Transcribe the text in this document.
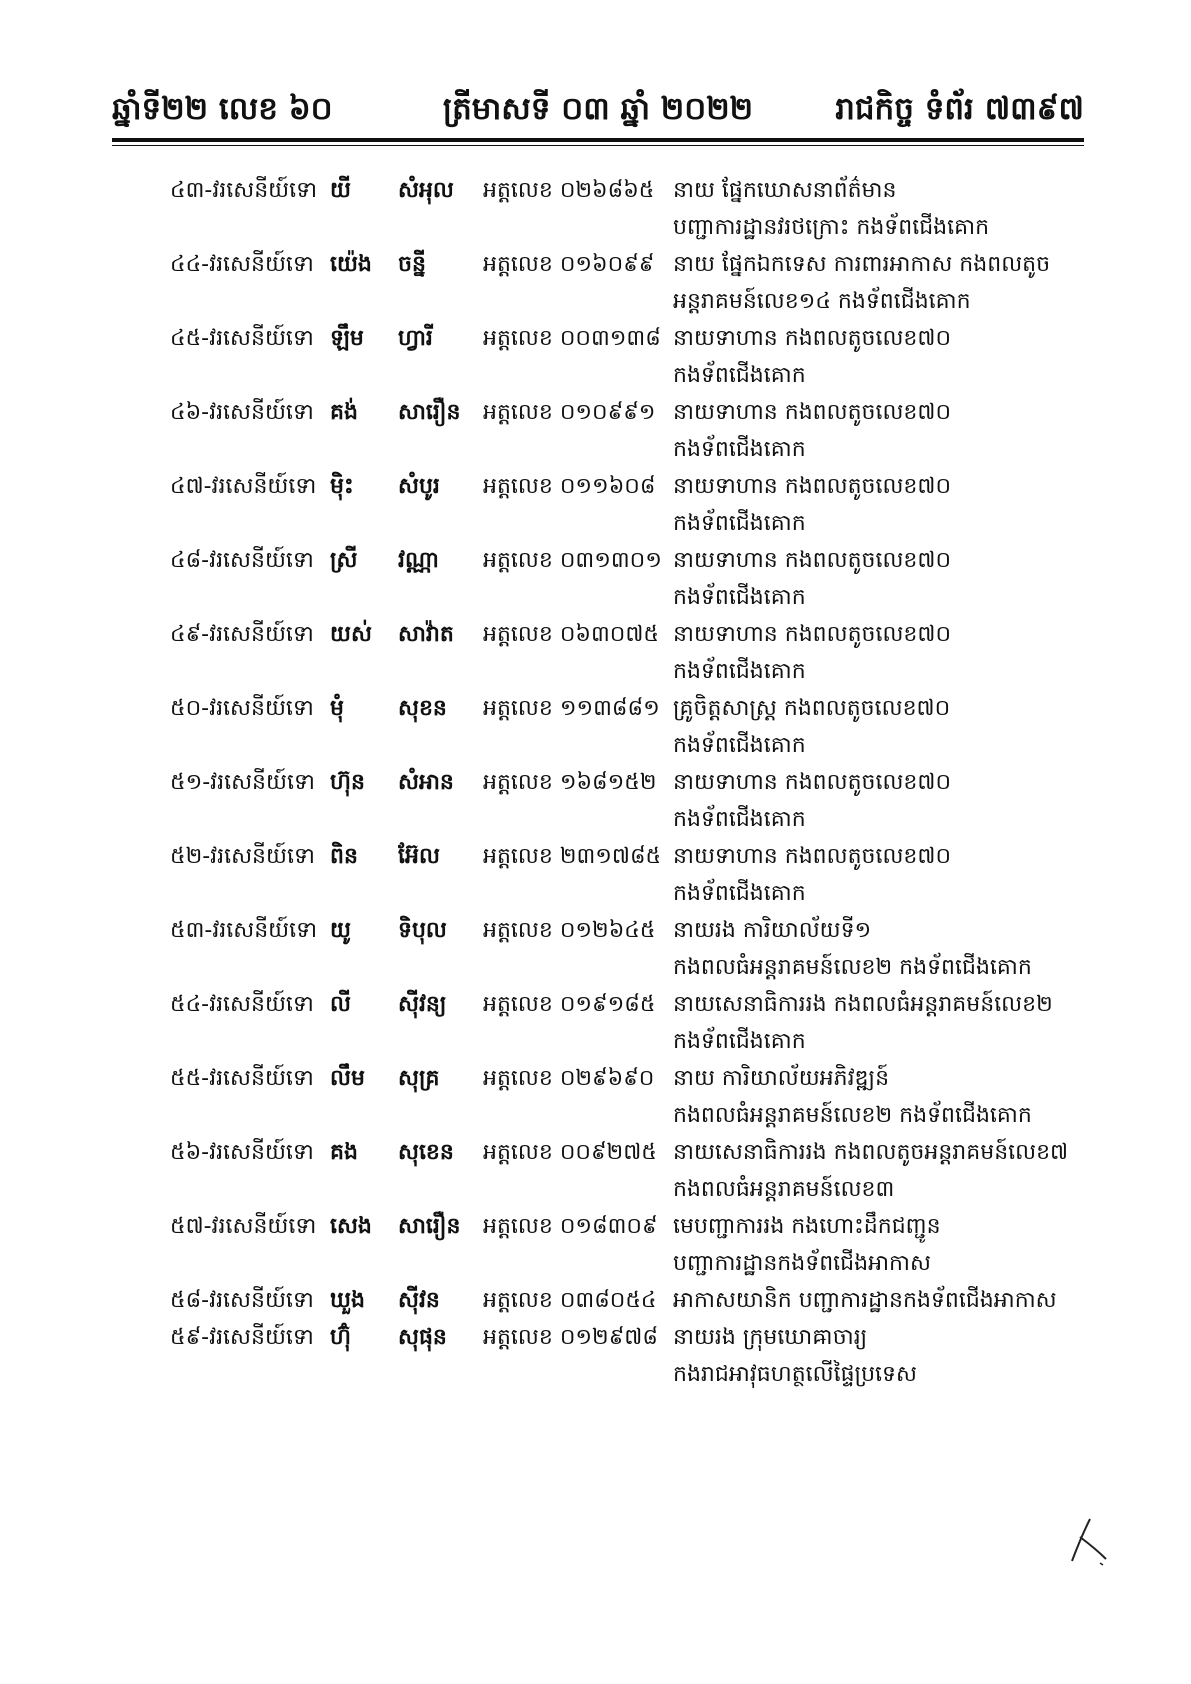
ឆ្នាំទី២២ លេខ ៦០	ត្រីមាសទី ០៣ ឆ្នាំ ២០២២	រាជកិច្ច ទំព័រ ៧៣៩៧
៤៣-វរសេនីយ៍ទោ យី	សំអុល	អត្តលេខ ០២៦៨៦៥ នាយ ផ្នែកឃោសនាព័ត៌មាន
បញ្ជាការដ្ឋានវរថក្រោះ កងទ័ពជើងគោក
៤៤-វរសេនីយ៍ទោ យ៉េង	ចន្នី	អត្តលេខ ០១៦០៩៩ នាយ ផ្នែកឯកទេស ការពារអាកាស កងពលតូច
អន្តរាគមន៍លេខ១៤ កងទ័ពជើងគោក
៤៥-វរសេនីយ៍ទោ ឡឹម	ហ្វារី	អត្តលេខ ០០៣១៣៨ នាយទាហាន កងពលតូចលេខ៧០
កងទ័ពជើងគោក
៤៦-វរសេនីយ៍ទោ គង់	សារឿន	អត្តលេខ ០១០៩៩១ នាយទាហាន កងពលតូចលេខ៧០
កងទ័ពជើងគោក
៤៧-វរសេនីយ៍ទោ ម៉ិះ	សំបូរ	អត្តលេខ ០១១៦០៨ នាយទាហាន កងពលតូចលេខ៧០
កងទ័ពជើងគោក
៤៨-វរសេនីយ៍ទោ ស្រី	វណ្ណា	អត្តលេខ ០៣១៣០១ នាយទាហាន កងពលតូចលេខ៧០
កងទ័ពជើងគោក
៤៩-វរសេនីយ៍ទោ យស់	សាវ៉ាត	អត្តលេខ ០៦៣០៧៥ នាយទាហាន កងពលតូចលេខ៧០
កងទ័ពជើងគោក
៥០-វរសេនីយ៍ទោ មុំ	សុខន	អត្តលេខ ១១៣៨៨១ គ្រូចិត្តសាស្ត្រ កងពលតូចលេខ៧០
កងទ័ពជើងគោក
៥១-វរសេនីយ៍ទោ ហ៊ុន	សំអាន	អត្តលេខ ១៦៨១៥២ នាយទាហាន កងពលតូចលេខ៧០
កងទ័ពជើងគោក
៥២-វរសេនីយ៍ទោ ពិន	អ៊ែល	អត្តលេខ ២៣១៧៨៥ នាយទាហាន កងពលតូចលេខ៧០
កងទ័ពជើងគោក
៥៣-វរសេនីយ៍ទោ យូ	ទិបុល	អត្តលេខ ០១២៦៤៥ នាយរង ការិយាល័យទី១
កងពលធំអន្តរាគមន៍លេខ២ កងទ័ពជើងគោក
៥៤-វរសេនីយ៍ទោ លី	ស៊ីវន្យ	អត្តលេខ ០១៩១៨៥ នាយសេនាធិការរង កងពលធំអន្តរាគមន៍លេខ២
កងទ័ពជើងគោក
៥៥-វរសេនីយ៍ទោ លឹម	សុគ្រ	អត្តលេខ ០២៩៦៩០ នាយ ការិយាល័យអភិវឌ្ឍន៍
កងពលធំអន្តរាគមន៍លេខ២ កងទ័ពជើងគោក
៥៦-វរសេនីយ៍ទោ គង	សុខេន	អត្តលេខ ០០៩២៧៥ នាយសេនាធិការរង កងពលតូចអន្តរាគមន៍លេខ៧
កងពលធំអន្តរាគមន៍លេខ៣
៥៧-វរសេនីយ៍ទោ សេង	សារឿន	អត្តលេខ ០១៨៣០៩ មេបញ្ជាការរង កងហោះដឹកជញ្ជូន
បញ្ជាការដ្ឋានកងទ័ពជើងអាកាស
៥៨-វរសេនីយ៍ទោ ឃួង	ស៊ីវន	អត្តលេខ ០៣៨០៥៤ អាកាសយានិក បញ្ជាការដ្ឋានកងទ័ពជើងអាកាស
៥៩-វរសេនីយ៍ទោ ហ៊ុំ	សុផុន	អត្តលេខ ០១២៩៧៨ នាយរង ក្រុមឃោឝាចារ្យ
កងរាជអាវុធហត្ថលើផ្ទៃប្រទេស
